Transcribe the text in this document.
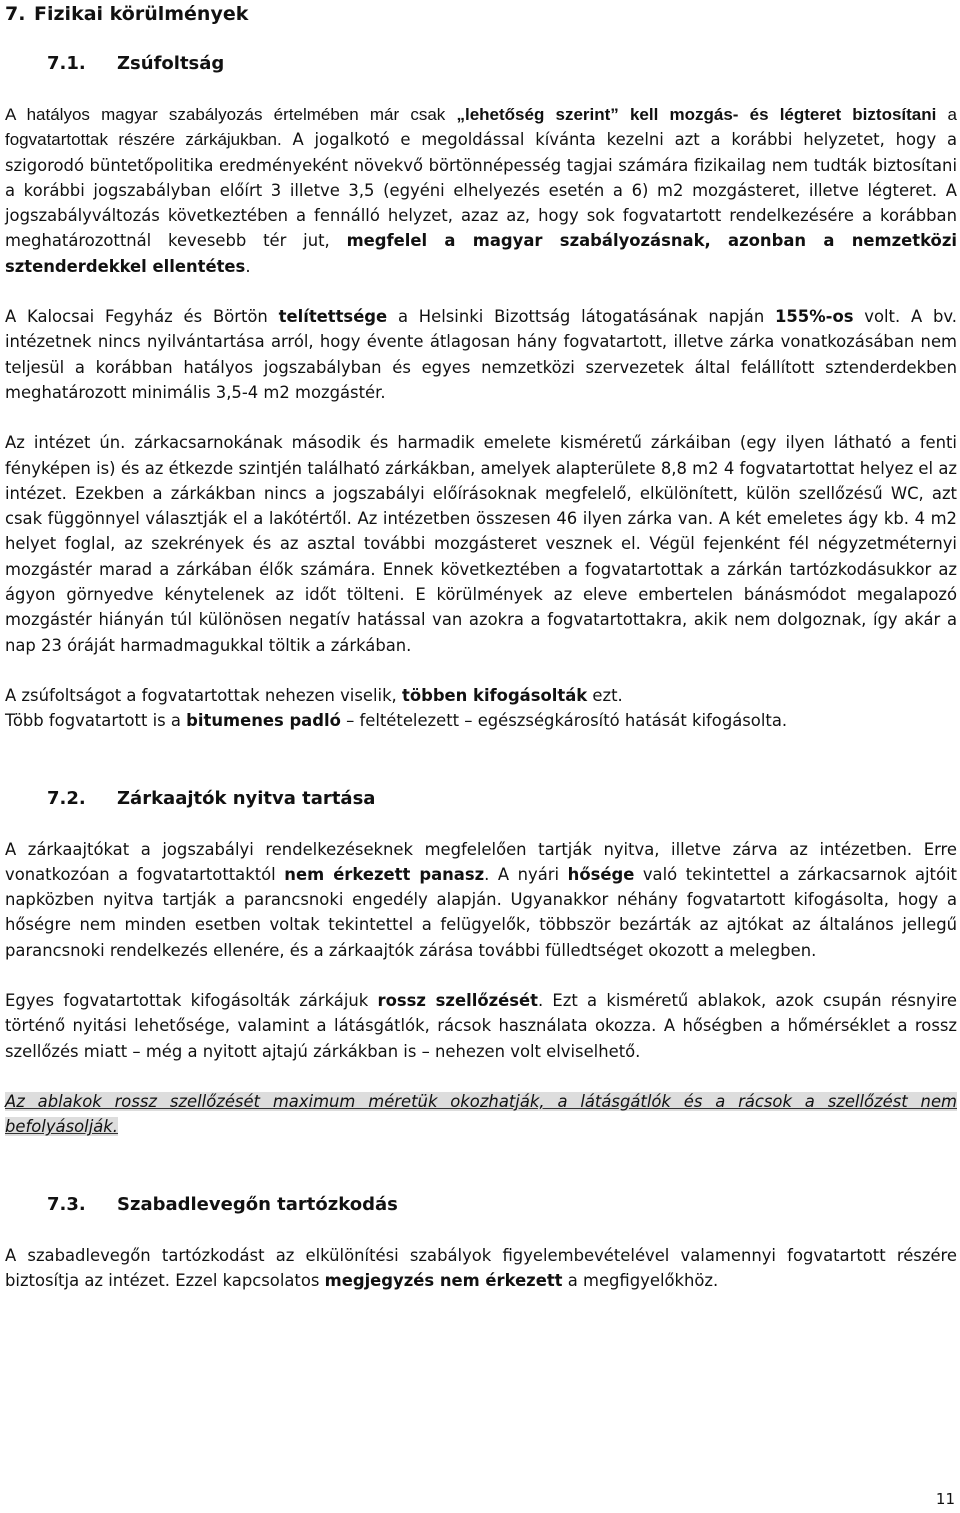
7. Fizikai körülmények
7.1. Zsúfoltság

A hatályos magyar szabályozás értelmében már csak „lehetőség szerint” kell mozgás- és légteret biztosítani a fogvatartottak részére zárkájukban. A jogalkotó e megoldással kívánta kezelni azt a korábbi helyzetet, hogy a szigorodó büntetőpolitika eredményeként növekvő börtönnépesség tagjai számára fizikailag nem tudták biztosítani a korábbi jogszabályban előírt 3 illetve 3,5 (egyéni elhelyezés esetén a 6) m2 mozgásteret, illetve légteret. A jogszabályváltozás következtében a fennálló helyzet, azaz az, hogy sok fogvatartott rendelkezésére a korábban meghatározottnál kevesebb tér jut, megfelel a magyar szabályozásnak, azonban a nemzetközi sztenderdekkel ellentétes.

A Kalocsai Fegyház és Börtön telítettsége a Helsinki Bizottság látogatásának napján 155%-os volt. A bv. intézetnek nincs nyilvántartása arról, hogy évente átlagosan hány fogvatartott, illetve zárka vonatkozásában nem teljesül a korábban hatályos jogszabályban és egyes nemzetközi szervezetek által felállított sztenderdekben meghatározott minimális 3,5-4 m2 mozgástér.

Az intézet ún. zárkacsarnokának második és harmadik emelete kisméretű zárkáiban (egy ilyen látható a fenti fényképen is) és az étkezde szintjén található zárkákban, amelyek alapterülete 8,8 m2 4 fogvatartottat helyez el az intézet. Ezekben a zárkákban nincs a jogszabályi előírásoknak megfelelő, elkülönített, külön szellőzésű WC, azt csak függönnyel választják el a lakótértől. Az intézetben összesen 46 ilyen zárka van. A két emeletes ágy kb. 4 m2 helyet foglal, az szekrények és az asztal további mozgásteret vesznek el. Végül fejenként fél négyzetméternyi mozgástér marad a zárkában élők számára. Ennek következtében a fogvatartottak a zárkán tartózkodásukkor az ágyon görnyedve kénytelenek az időt tölteni. E körülmények az eleve embertelen bánásmódot megalapozó mozgástér hiányán túl különösen negatív hatással van azokra a fogvatartottakra, akik nem dolgoznak, így akár a nap 23 óráját harmadmagukkal töltik a zárkában.

A zsúfoltságot a fogvatartottak nehezen viselik, többen kifogásolták ezt.

Több fogvatartott is a bitumenes padló – feltételezett – egészségkárosító hatását kifogásolta.

7.2. Zárkaajtók nyitva tartása

A zárkaajtókat a jogszabályi rendelkezéseknek megfelelően tartják nyitva, illetve zárva az intézetben. Erre vonatkozóan a fogvatartottaktól nem érkezett panasz. A nyári hősége való tekintettel a zárkacsarnok ajtóit napközben nyitva tartják a parancsnoki engedély alapján. Ugyanakkor néhány fogvatartott kifogásolta, hogy a hőségre nem minden esetben voltak tekintettel a felügyelők, többször bezárták az ajtókat az általános jellegű parancsnoki rendelkezés ellenére, és a zárkaajtók zárása további fülledtséget okozott a melegben.

Egyes fogvatartottak kifogásolták zárkájuk rossz szellőzését. Ezt a kisméretű ablakok, azok csupán résnyire történő nyitási lehetősége, valamint a látásgátlók, rácsok használata okozza. A hőségben a hőmérséklet a rossz szellőzés miatt – még a nyitott ajtajú zárkákban is – nehezen volt elviselhető.

Az ablakok rossz szellőzését maximum méretük okozhatják, a látásgátlók és a rácsok a szellőzést nem befolyásolják.

7.3. Szabadlevegőn tartózkodás

A szabadlevegőn tartózkodást az elkülönítési szabályok figyelembevételével valamennyi fogvatartott részére biztosítja az intézet. Ezzel kapcsolatos megjegyzés nem érkezett a megfigyelőkhöz.

11
